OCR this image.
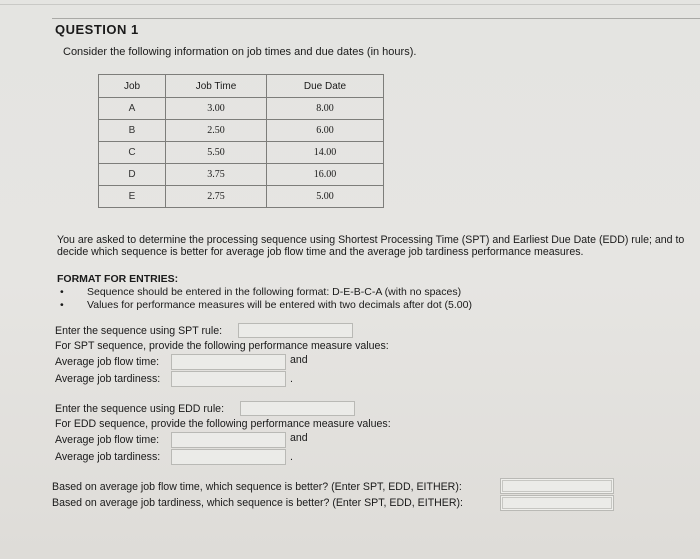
QUESTION 1
Consider the following information on job times and due dates (in hours).
Job	Job Time	Due Date
A	3.00	8.00
B	2.50	6.00
C	5.50	14.00
D	3.75	16.00
E	2.75	5.00
You are asked to determine the processing sequence using Shortest Processing Time (SPT) and Earliest Due Date (EDD) rule; and to decide which sequence is better for average job flow time and the average job tardiness performance measures.
FORMAT FOR ENTRIES:
• Sequence should be entered in the following format: D-E-B-C-A (with no spaces)
• Values for performance measures will be entered with two decimals after dot (5.00)
Enter the sequence using SPT rule:
For SPT sequence, provide the following performance measure values:
Average job flow time:	and
Average job tardiness:	.
Enter the sequence using EDD rule:
For EDD sequence, provide the following performance measure values:
Average job flow time:	and
Average job tardiness:	.
Based on average job flow time, which sequence is better? (Enter SPT, EDD, EITHER):
Based on average job tardiness, which sequence is better? (Enter SPT, EDD, EITHER):
